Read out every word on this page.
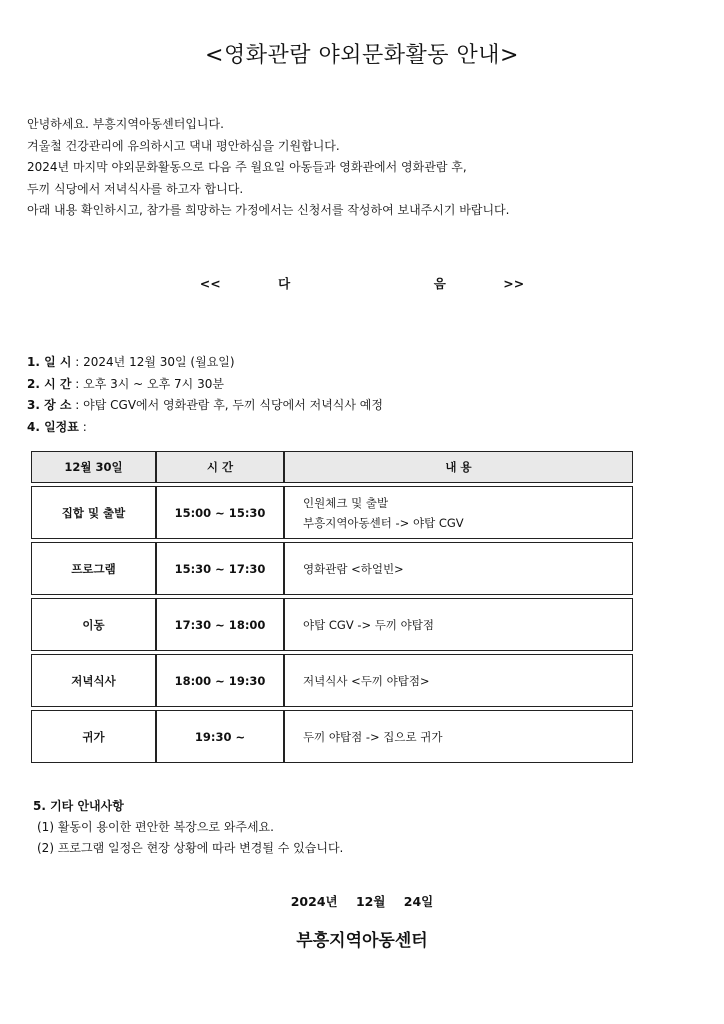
<영화관람 야외문화활동 안내>
안녕하세요. 부흥지역아동센터입니다.
겨울철 건강관리에 유의하시고 댁내 평안하심을 기원합니다.
2024년 마지막 야외문화활동으로 다음 주 월요일 아동들과 영화관에서 영화관람 후,
두끼 식당에서 저녁식사를 하고자 합니다.
아래 내용 확인하시고, 참가를 희망하는 가정에서는 신청서를 작성하여 보내주시기 바랍니다.
<<    다          음    >>
1. 일 시 : 2024년 12월 30일 (월요일)
2. 시 간 : 오후 3시 ~ 오후 7시 30분
3. 장 소 : 야탑 CGV에서 영화관람 후, 두끼 식당에서 저녁식사 예정
4. 일정표 :
12월 30일	시 간	내 용
집합 및 출발	15:00 ~ 15:30	인원체크 및 출발
부흥지역아동센터 -> 야탑 CGV

프로그램	15:30 ~ 17:30	영화관람 <하얼빈>
이동	17:30 ~ 18:00	야탑 CGV -> 두끼 야탑점
저녁식사	18:00 ~ 19:30	저녁식사 <두끼 야탑점>
귀가	19:30 ~	두끼 야탑점 -> 집으로 귀가
5. 기타 안내사항
(1) 활동이 용이한 편안한 복장으로 와주세요.
(2) 프로그램 일정은 현장 상황에 따라 변경될 수 있습니다.
2024년 12월 24일
부흥지역아동센터
